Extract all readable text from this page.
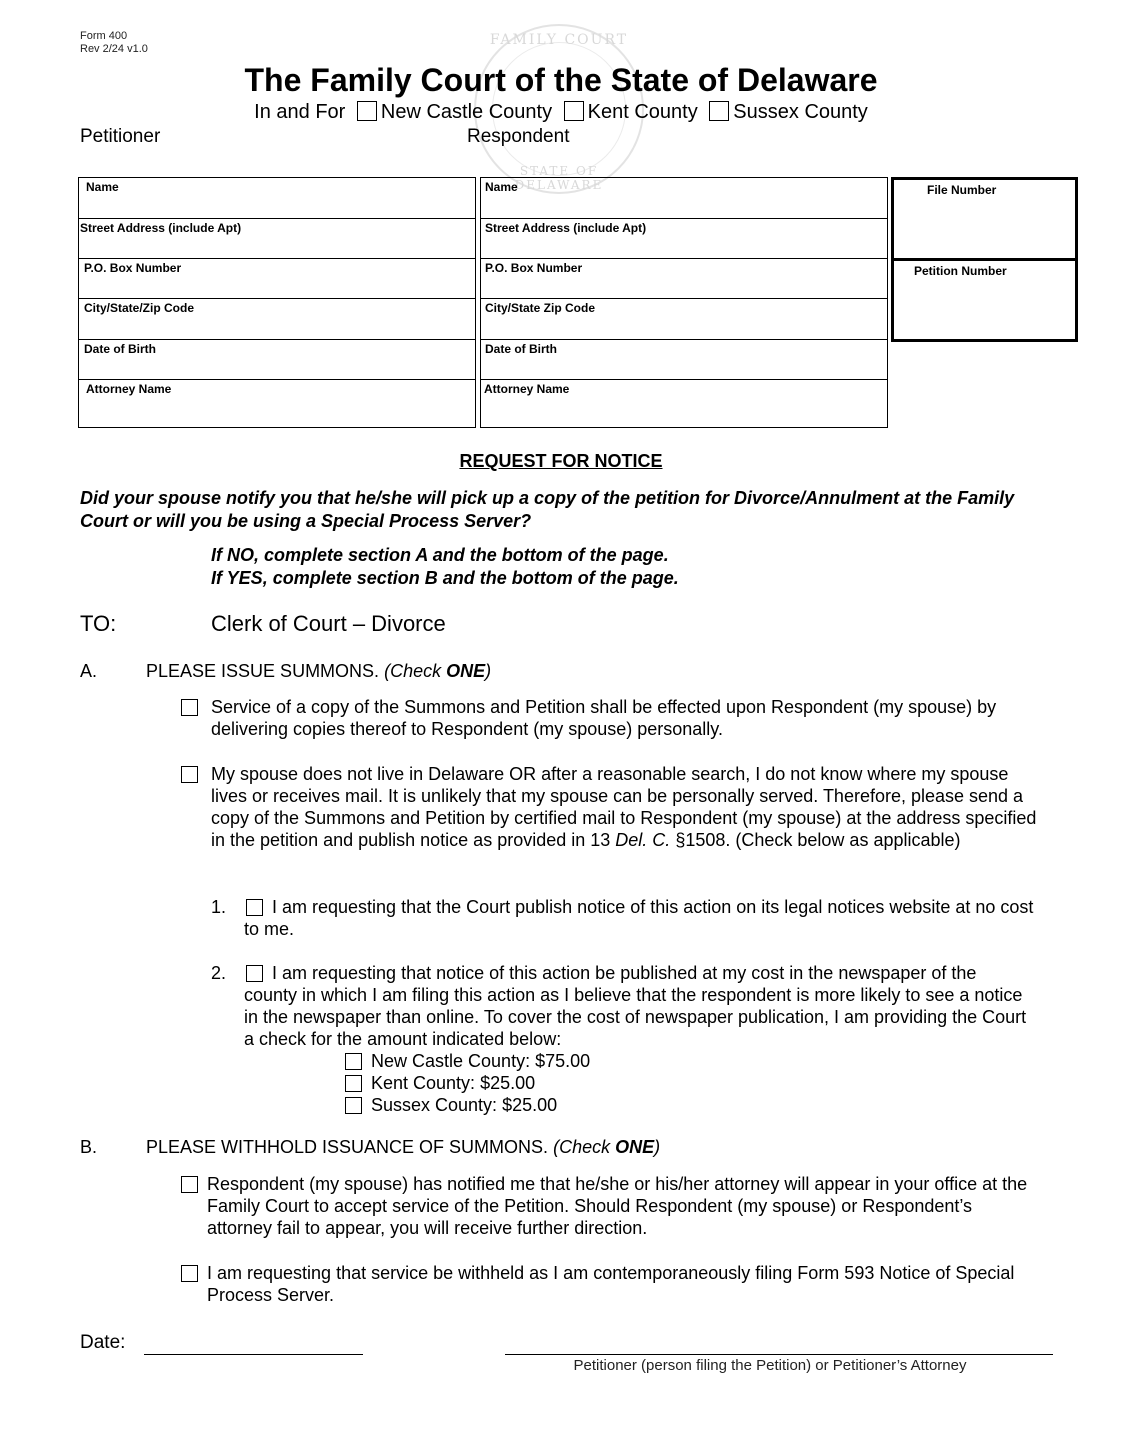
Form 400
Rev 2/24 v1.0
FAMILY COURT
STATE OF DELAWARE
The Family Court of the State of Delaware
In and For New Castle County Kent County Sussex County
Petitioner	Respondent
Name
Street Address (include Apt)
P.O. Box Number
City/State/Zip Code
Date of Birth
Attorney Name
Name
Street Address (include Apt)
P.O. Box Number
City/State Zip Code
Date of Birth
Attorney Name
File Number
Petition Number
REQUEST FOR NOTICE
Did your spouse notify you that he/she will pick up a copy of the petition for Divorce/Annulment at the Family Court or will you be using a Special Process Server?
If NO, complete section A and the bottom of the page.
If YES, complete section B and the bottom of the page.
TO:	Clerk of Court – Divorce
A.	PLEASE ISSUE SUMMONS. (Check ONE)
Service of a copy of the Summons and Petition shall be effected upon Respondent (my spouse) by delivering copies thereof to Respondent (my spouse) personally.
My spouse does not live in Delaware OR after a reasonable search, I do not know where my spouse lives or receives mail. It is unlikely that my spouse can be personally served. Therefore, please send a copy of the Summons and Petition by certified mail to Respondent (my spouse) at the address specified in the petition and publish notice as provided in 13 Del. C. §1508. (Check below as applicable)
1.	I am requesting that the Court publish notice of this action on its legal notices website at no cost to me.
2.	I am requesting that notice of this action be published at my cost in the newspaper of the county in which I am filing this action as I believe that the respondent is more likely to see a notice in the newspaper than online. To cover the cost of newspaper publication, I am providing the Court a check for the amount indicated below:
New Castle County: $75.00
Kent County: $25.00
Sussex County: $25.00
B.	PLEASE WITHHOLD ISSUANCE OF SUMMONS. (Check ONE)
Respondent (my spouse) has notified me that he/she or his/her attorney will appear in your office at the Family Court to accept service of the Petition. Should Respondent (my spouse) or Respondent’s attorney fail to appear, you will receive further direction.
I am requesting that service be withheld as I am contemporaneously filing Form 593 Notice of Special Process Server.
Date:
Petitioner (person filing the Petition) or Petitioner’s Attorney
